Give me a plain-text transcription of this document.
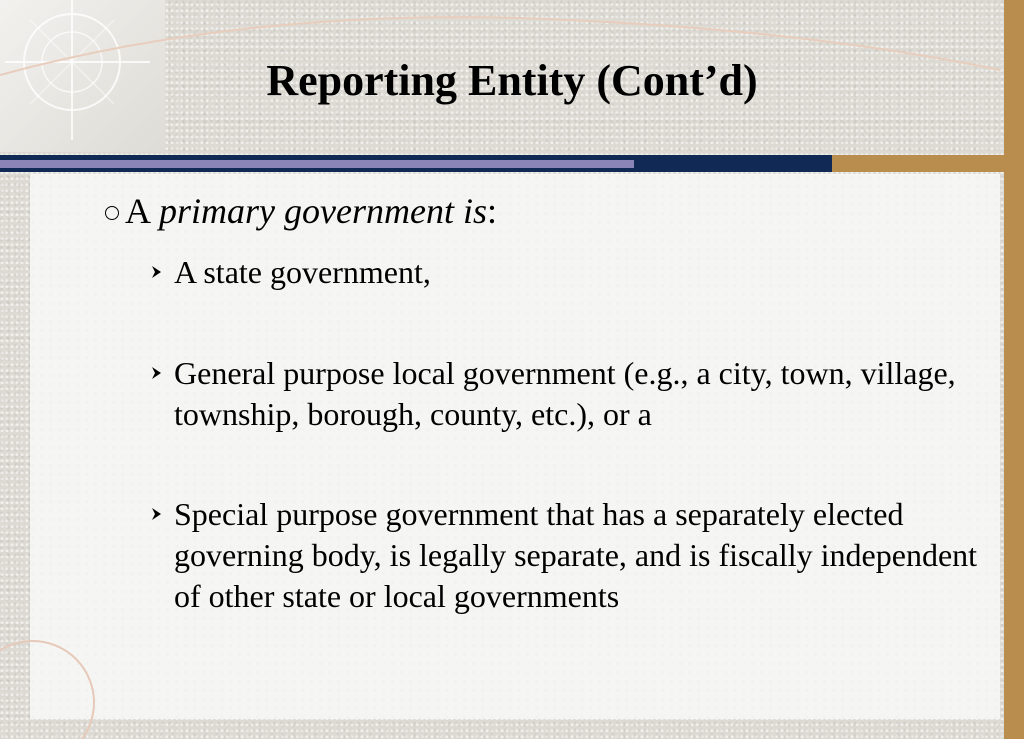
Reporting Entity (Cont’d)
A primary government is :
A state government,
General purpose local government (e.g., a city, town, village, township, borough, county, etc.), or a
Special purpose government that has a separately elected governing body, is legally separate, and is fiscally independent of other state or local governments
